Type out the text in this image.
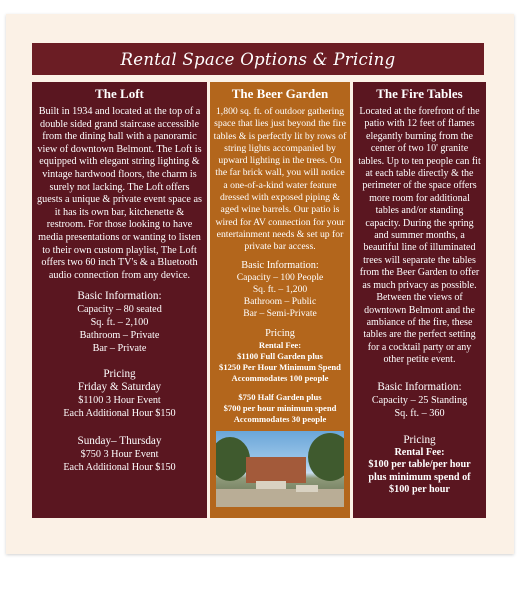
Rental Space Options & Pricing
The Loft

Built in 1934 and located at the top of a double sided grand staircase accessible from the dining hall with a panoramic view of downtown Belmont. The Loft is equipped with elegant string lighting & vintage hardwood floors, the charm is surely not lacking. The Loft offers guests a unique & private event space as it has its own bar, kitchenette & restroom. For those looking to have media presentations or wanting to listen to their own custom playlist, The Loft offers two 60 inch TV's & a Bluetooth audio connection from any device.

Basic Information:
Capacity – 80 seated
Sq. ft. – 2,100
Bathroom – Private
Bar – Private
Pricing
Friday & Saturday
$1100 3 Hour Event
Each Additional Hour $150
Sunday– Thursday
$750 3 Hour Event
Each Additional Hour $150
The Beer Garden

1,800 sq. ft. of outdoor gathering space that lies just beyond the fire tables & is perfectly lit by rows of string lights accompanied by upward lighting in the trees. On the far brick wall, you will notice a one-of-a-kind water feature dressed with exposed piping & aged wine barrels. Our patio is wired for AV connection for your entertainment needs & set up for private bar access.

Basic Information:
Capacity – 100 People
Sq. ft. – 1,200
Bathroom – Public
Bar – Semi-Private
Pricing
Rental Fee:
$1100 Full Garden plus
$1250 Per Hour Minimum Spend
Accommodates 100 people
$750 Half Garden plus
$700 per hour minimum spend
Accommodates 30 people
The Fire Tables

Located at the forefront of the patio with 12 feet of flames elegantly burning from the center of two 10' granite tables. Up to ten people can fit at each table directly & the perimeter of the space offers more room for additional tables and/or standing capacity. During the spring and summer months, a beautiful line of illuminated trees will separate the tables from the Beer Garden to offer as much privacy as possible. Between the views of downtown Belmont and the ambiance of the fire, these tables are the perfect setting for a cocktail party or any other petite event.

Basic Information:
Capacity – 25 Standing
Sq. ft. – 360
Pricing
Rental Fee:
$100 per table/per hour
plus minimum spend of
$100 per hour
